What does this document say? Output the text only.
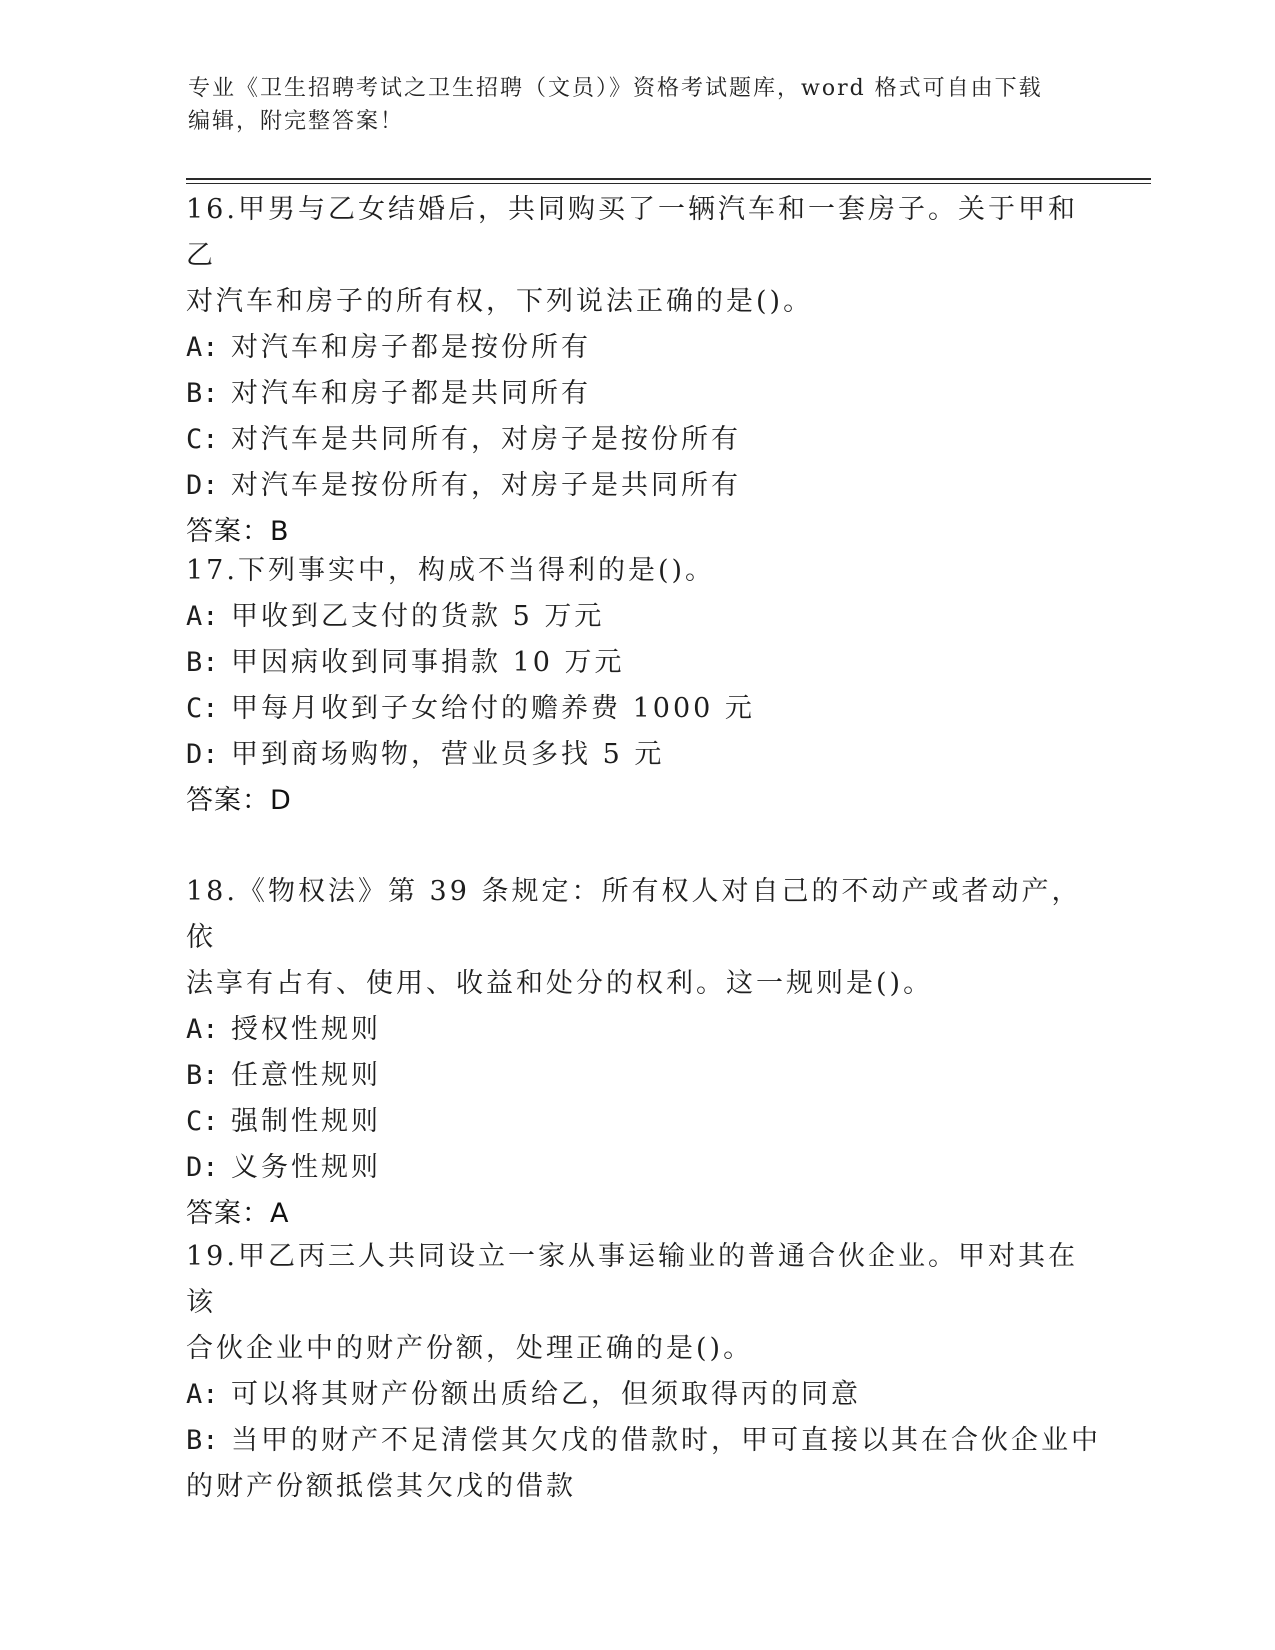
专业《卫生招聘考试之卫生招聘（文员）》资格考试题库，word 格式可自由下载
编辑，附完整答案！

16.甲男与乙女结婚后，共同购买了一辆汽车和一套房子。关于甲和乙

对汽车和房子的所有权，下列说法正确的是()。

A: 对汽车和房子都是按份所有

B: 对汽车和房子都是共同所有

C: 对汽车是共同所有，对房子是按份所有

D: 对汽车是按份所有，对房子是共同所有

答案：B

17.下列事实中，构成不当得利的是()。

A: 甲收到乙支付的货款 5 万元

B: 甲因病收到同事捐款 10 万元

C: 甲每月收到子女给付的赡养费 1000 元

D: 甲到商场购物，营业员多找 5 元

答案：D

18.《物权法》第 39 条规定：所有权人对自己的不动产或者动产，依

法享有占有、使用、收益和处分的权利。这一规则是()。

A: 授权性规则

B: 任意性规则

C: 强制性规则

D: 义务性规则

答案：A

19.甲乙丙三人共同设立一家从事运输业的普通合伙企业。甲对其在该

合伙企业中的财产份额，处理正确的是()。

A: 可以将其财产份额出质给乙，但须取得丙的同意

B: 当甲的财产不足清偿其欠戊的借款时，甲可直接以其在合伙企业中

的财产份额抵偿其欠戊的借款
